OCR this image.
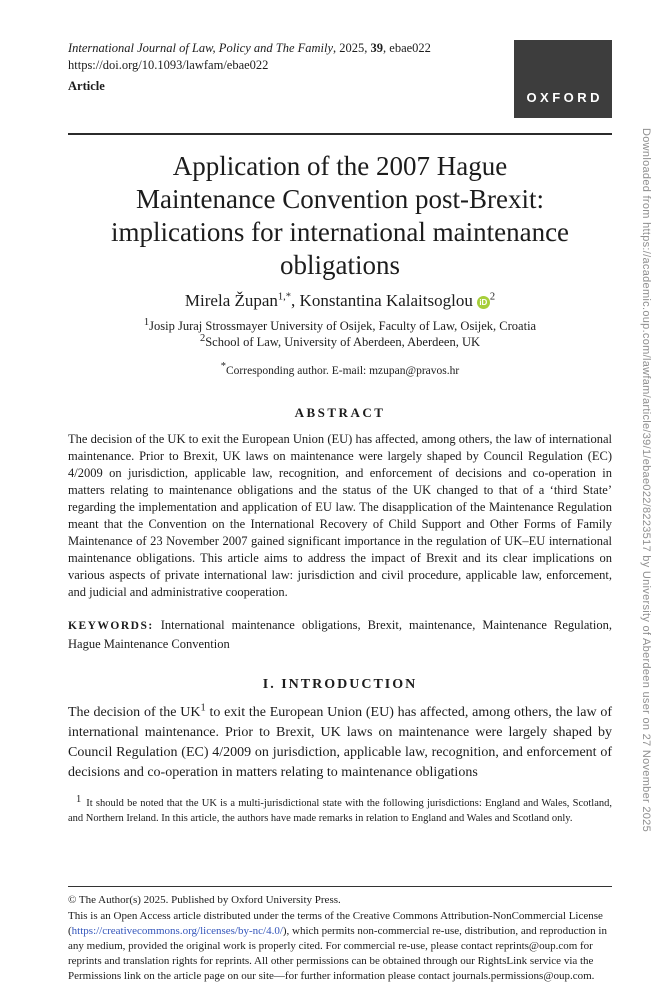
International Journal of Law, Policy and The Family, 2025, 39, ebae022
https://doi.org/10.1093/lawfam/ebae022
Article
OXFORD
Application of the 2007 Hague
Maintenance Convention post-Brexit:
implications for international maintenance
obligations
Mirela Župan$^{1,*}$, Konstantina Kalaitsoglou $iD^2$
$^1$Josip Juraj Strossmayer University of Osijek, Faculty of Law, Osijek, Croatia
$^2$School of Law, University of Aberdeen, Aberdeen, UK
*Corresponding author. E-mail: mzupan@pravos.hr
ABSTRACT

The decision of the UK to exit the European Union (EU) has affected, among others, the law of international maintenance. Prior to Brexit, UK laws on maintenance were largely shaped by Council Regulation (EC) 4/2009 on jurisdiction, applicable law, recognition, and enforcement of decisions and co-operation in matters relating to maintenance obligations and the status of the UK changed to that of a ‘third State’ regarding the implementation and application of EU law. The disapplication of the Maintenance Regulation meant that the Convention on the International Recovery of Child Support and Other Forms of Family Maintenance of 23 November 2007 gained significant importance in the regulation of UK–EU international maintenance obligations. This article aims to address the impact of Brexit and its clear implications on various aspects of private international law: jurisdiction and civil procedure, applicable law, enforcement, and judicial and administrative cooperation.

KEYWORDS: International maintenance obligations, Brexit, maintenance, Maintenance Regulation, Hague Maintenance Convention

I. INTRODUCTION

The decision of the $UK^1$ to exit the European Union (EU) has affected, among others, the law of international maintenance. Prior to Brexit, UK laws on maintenance were largely shaped by Council Regulation (EC) 4/2009 on jurisdiction, applicable law, recognition, and enforcement of decisions and co-operation in matters relating to maintenance obligations

$^1$ It should be noted that the UK is a multi-jurisdictional state with the following jurisdictions: England and Wales, Scotland, and Northern Ireland. In this article, the authors have made remarks in relation to England and Wales and Scotland only.

© The Author(s) 2025. Published by Oxford University Press.

This is an Open Access article distributed under the terms of the Creative Commons Attribution-NonCommercial License (https://creativecommons.org/licenses/by-nc/4.0/), which permits non-commercial re-use, distribution, and reproduction in any medium, provided the original work is properly cited. For commercial re-use, please contact reprints@oup.com for reprints and translation rights for reprints. All other permissions can be obtained through our RightsLink service via the Permissions link on the article page on our site—for further information please contact journals.permissions@oup.com.

Downloaded from https://academic.oup.com/lawfam/article/39/1/ebae022/8223517 by University of Aberdeen user on 27 November 2025
